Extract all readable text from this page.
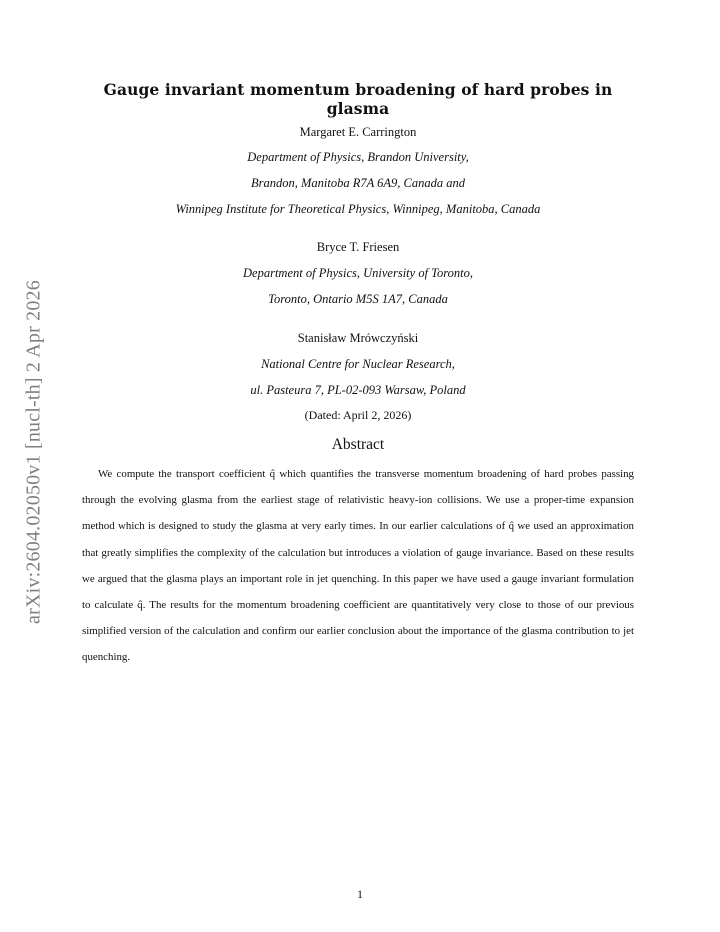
arXiv:2604.02050v1 [nucl-th] 2 Apr 2026
Gauge invariant momentum broadening of hard probes in glasma
Margaret E. Carrington
Department of Physics, Brandon University,
Brandon, Manitoba R7A 6A9, Canada and
Winnipeg Institute for Theoretical Physics, Winnipeg, Manitoba, Canada
Bryce T. Friesen
Department of Physics, University of Toronto,
Toronto, Ontario M5S 1A7, Canada
Stanisław Mrówczyński
National Centre for Nuclear Research,
ul. Pasteura 7, PL-02-093 Warsaw, Poland
(Dated: April 2, 2026)
Abstract
We compute the transport coefficient q̂ which quantifies the transverse momentum broadening of hard probes passing through the evolving glasma from the earliest stage of relativistic heavy-ion collisions. We use a proper-time expansion method which is designed to study the glasma at very early times. In our earlier calculations of q̂ we used an approximation that greatly simplifies the complexity of the calculation but introduces a violation of gauge invariance. Based on these results we argued that the glasma plays an important role in jet quenching. In this paper we have used a gauge invariant formulation to calculate q̂. The results for the momentum broadening coefficient are quantitatively very close to those of our previous simplified version of the calculation and confirm our earlier conclusion about the importance of the glasma contribution to jet quenching.
1
